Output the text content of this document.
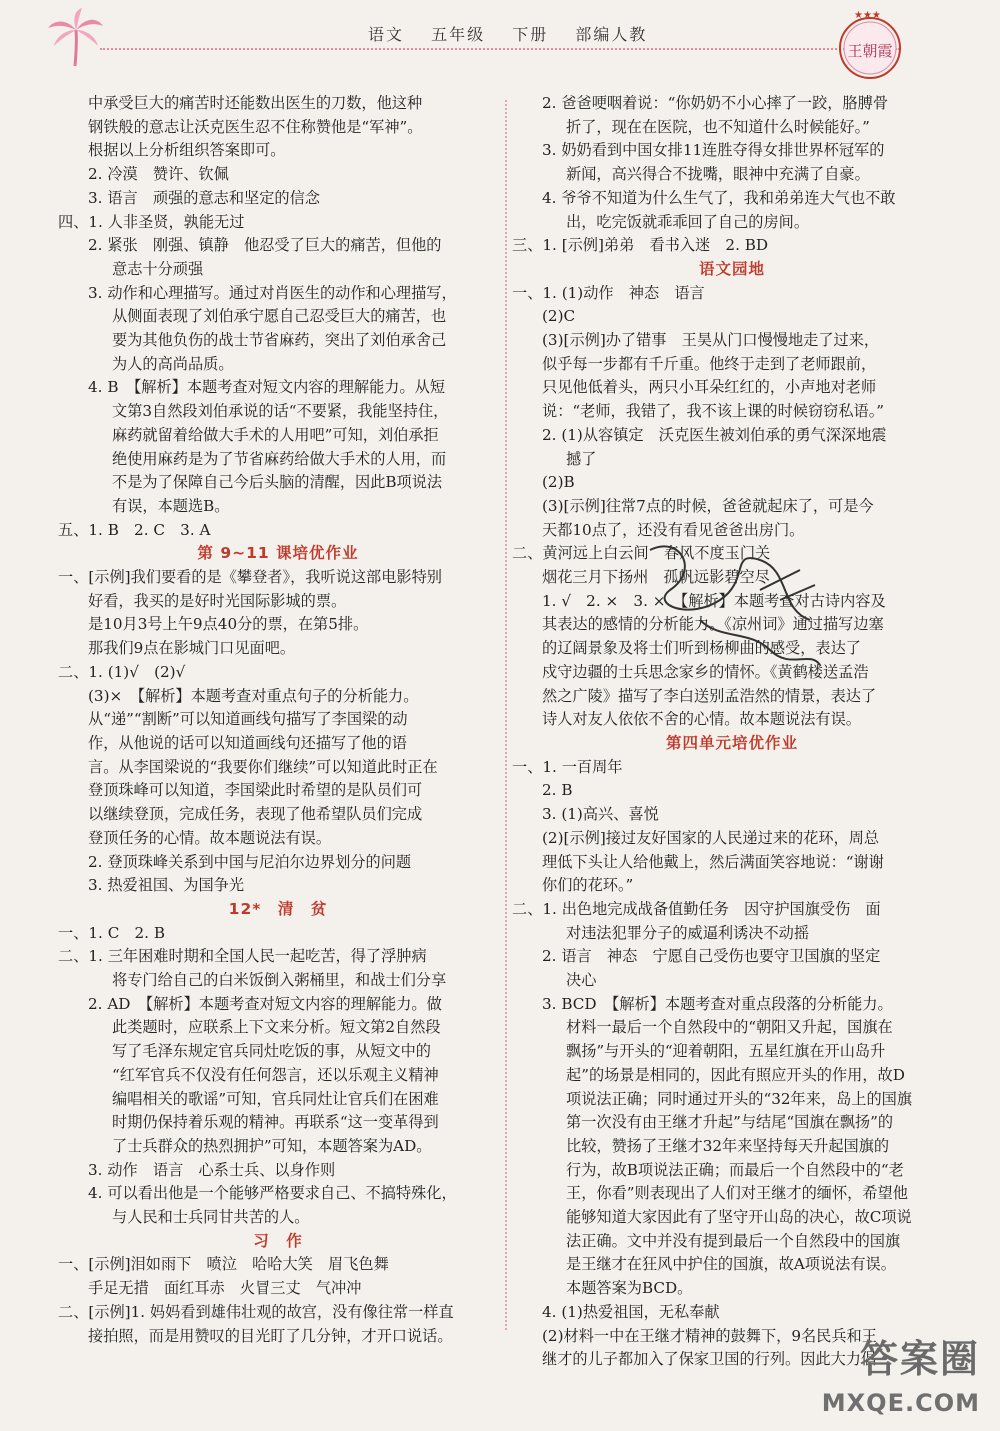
语文 五年级 下册 部编人教
★★★
王朝霞
中承受巨大的痛苦时还能数出医生的刀数，他这种
钢铁般的意志让沃克医生忍不住称赞他是“军神”。
根据以上分析组织答案即可。
2. 冷漠　赞许、钦佩
3. 语言　顽强的意志和坚定的信念
四、1. 人非圣贤，孰能无过
2. 紧张　刚强、镇静　他忍受了巨大的痛苦，但他的
意志十分顽强
3. 动作和心理描写。通过对肖医生的动作和心理描写，
从侧面表现了刘伯承宁愿自己忍受巨大的痛苦，也
要为其他负伤的战士节省麻药，突出了刘伯承舍己
为人的高尚品质。
4. B　【解析】本题考查对短文内容的理解能力。从短
文第3自然段刘伯承说的话“不要紧，我能坚持住，
麻药就留着给做大手术的人用吧”可知，刘伯承拒
绝使用麻药是为了节省麻药给做大手术的人用，而
不是为了保障自己今后头脑的清醒，因此B项说法
有误，本题选B。
五、1. B　2. C　3. A
第 9~11 课培优作业
一、[示例]我们要看的是《攀登者》，我听说这部电影特别
好看，我买的是好时光国际影城的票。
是10月3号上午9点40分的票，在第5排。
那我们9点在影城门口见面吧。
二、1. (1)√　(2)√
(3)×　【解析】本题考查对重点句子的分析能力。
从“递”“割断”可以知道画线句描写了李国梁的动
作，从他说的话可以知道画线句还描写了他的语
言。从李国梁说的“我要你们继续”可以知道此时正在
登顶珠峰可以知道，李国梁此时希望的是队员们可
以继续登顶，完成任务，表现了他希望队员们完成
登顶任务的心情。故本题说法有误。
2. 登顶珠峰关系到中国与尼泊尔边界划分的问题
3. 热爱祖国、为国争光
12*　清　贫
一、1. C　2. B
二、1. 三年困难时期和全国人民一起吃苦，得了浮肿病
将专门给自己的白米饭倒入粥桶里，和战士们分享
2. AD　【解析】本题考查对短文内容的理解能力。做
此类题时，应联系上下文来分析。短文第2自然段
写了毛泽东规定官兵同灶吃饭的事，从短文中的
“红军官兵不仅没有任何怨言，还以乐观主义精神
编唱相关的歌谣”可知，官兵同灶让官兵们在困难
时期仍保持着乐观的精神。再联系“这一变革得到
了士兵群众的热烈拥护”可知，本题答案为AD。
3. 动作　语言　心系士兵、以身作则
4. 可以看出他是一个能够严格要求自己、不搞特殊化，
与人民和士兵同甘共苦的人。
习　作
一、[示例]泪如雨下　喷泣　哈哈大笑　眉飞色舞
手足无措　面红耳赤　火冒三丈　气冲冲
二、[示例]1. 妈妈看到雄伟壮观的故宫，没有像往常一样直
接拍照，而是用赞叹的目光盯了几分钟，才开口说话。
2. 爸爸哽咽着说：“你奶奶不小心摔了一跤，胳膊骨
折了，现在在医院，也不知道什么时候能好。”
3. 奶奶看到中国女排11连胜夺得女排世界杯冠军的
新闻，高兴得合不拢嘴，眼神中充满了自豪。
4. 爷爷不知道为什么生气了，我和弟弟连大气也不敢
出，吃完饭就乖乖回了自己的房间。
三、1. [示例]弟弟　看书入迷　2. BD
语文园地
一、1. (1)动作　神态　语言
(2)C
(3)[示例]办了错事　王昊从门口慢慢地走了过来，
似乎每一步都有千斤重。他终于走到了老师跟前，
只见他低着头，两只小耳朵红红的，小声地对老师
说：“老师，我错了，我不该上课的时候窃窃私语。”
2. (1)从容镇定　沃克医生被刘伯承的勇气深深地震
撼了
(2)B
(3)[示例]往常7点的时候，爸爸就起床了，可是今
天都10点了，还没有看见爸爸出房门。
二、黄河远上白云间　春风不度玉门关
烟花三月下扬州　孤帆远影碧空尽
1. √　2. ×　3. ×　【解析】本题考查对古诗内容及
其表达的感情的分析能力。《凉州词》通过描写边塞
的辽阔景象及将士们听到杨柳曲的感受，表达了
戍守边疆的士兵思念家乡的情怀。《黄鹤楼送孟浩
然之广陵》描写了李白送别孟浩然的情景，表达了
诗人对友人依依不舍的心情。故本题说法有误。
第四单元培优作业
一、1. 一百周年
2. B
3. (1)高兴、喜悦
(2)[示例]接过友好国家的人民递过来的花环，周总
理低下头让人给他戴上，然后满面笑容地说：“谢谢
你们的花环。”
二、1. 出色地完成战备值勤任务　因守护国旗受伤　面
对违法犯罪分子的威逼利诱决不动摇
2. 语言　神态　宁愿自己受伤也要守卫国旗的坚定
决心
3. BCD　【解析】本题考查对重点段落的分析能力。
材料一最后一个自然段中的“朝阳又升起，国旗在
飘扬”与开头的“迎着朝阳，五星红旗在开山岛升
起”的场景是相同的，因此有照应开头的作用，故D
项说法正确；同时通过开头的“32年来，岛上的国旗
第一次没有由王继才升起”与结尾“国旗在飘扬”的
比较，赞扬了王继才32年来坚持每天升起国旗的
行为，故B项说法正确；而最后一个自然段中的“老
王，你看”则表现出了人们对王继才的缅怀，希望他
能够知道大家因此有了坚守开山岛的决心，故C项说
法正确。文中并没有提到最后一个自然段中的国旗
是王继才在狂风中护住的国旗，故A项说法有误。
本题答案为BCD。
4. (1)热爱祖国，无私奉献
(2)材料一中在王继才精神的鼓舞下，9名民兵和王
继才的儿子都加入了保家卫国的行列。因此大力倡
答案圈
MXQE.COM
